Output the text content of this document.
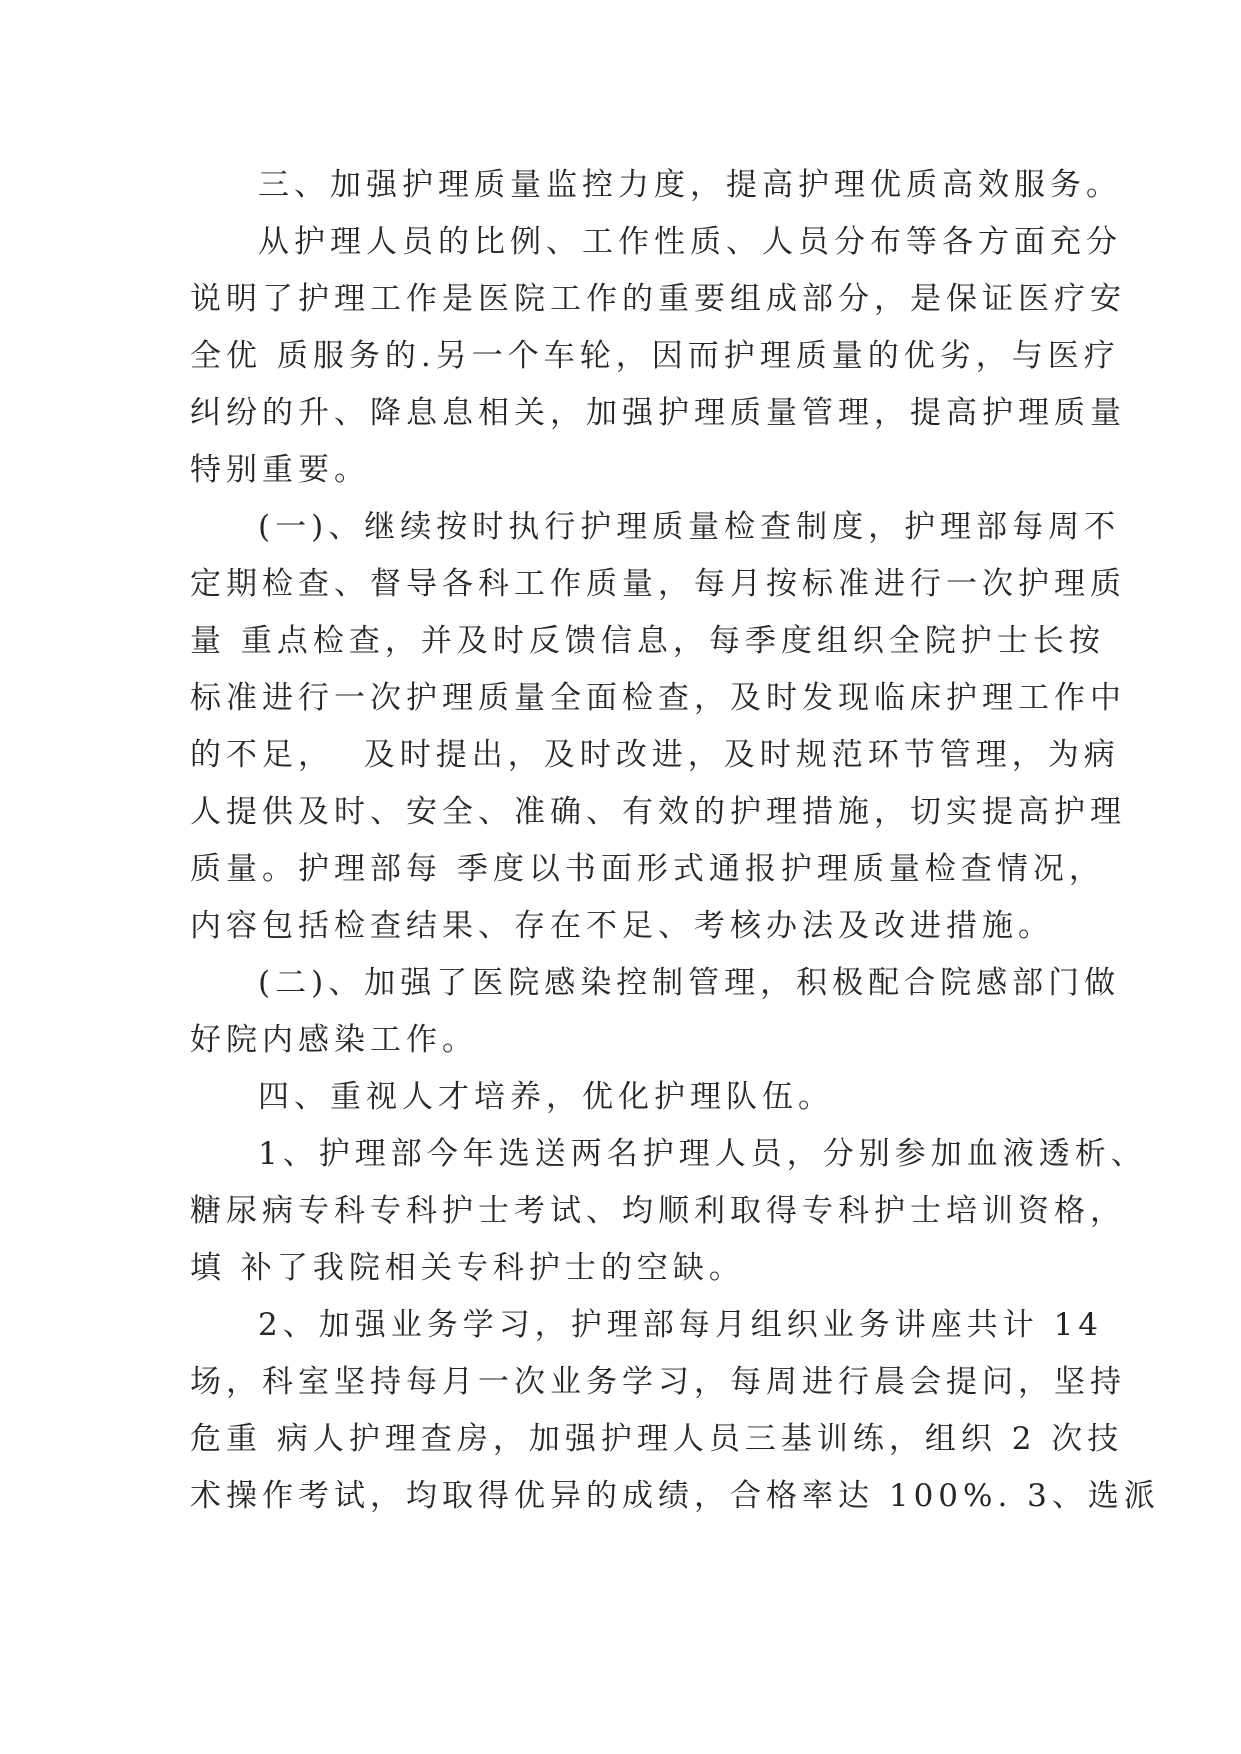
三、加强护理质量监控力度，提高护理优质高效服务。
从护理人员的比例、工作性质、人员分布等各方面充分
说明了护理工作是医院工作的重要组成部分，是保证医疗安
全优 质服务的.另一个车轮，因而护理质量的优劣，与医疗
纠纷的升、降息息相关，加强护理质量管理，提高护理质量
特别重要。
(一)、继续按时执行护理质量检查制度，护理部每周不
定期检查、督导各科工作质量，每月按标准进行一次护理质
量 重点检查，并及时反馈信息，每季度组织全院护士长按
标准进行一次护理质量全面检查，及时发现临床护理工作中
的不足，  及时提出，及时改进，及时规范环节管理，为病
人提供及时、安全、准确、有效的护理措施，切实提高护理
质量。护理部每 季度以书面形式通报护理质量检查情况，
内容包括检查结果、存在不足、考核办法及改进措施。
(二)、加强了医院感染控制管理，积极配合院感部门做
好院内感染工作。
四、重视人才培养，优化护理队伍。
1、护理部今年选送两名护理人员，分别参加血液透析、
糖尿病专科专科护士考试、均顺利取得专科护士培训资格，
填 补了我院相关专科护士的空缺。
2、加强业务学习，护理部每月组织业务讲座共计 14
场，科室坚持每月一次业务学习，每周进行晨会提问，坚持
危重 病人护理查房，加强护理人员三基训练，组织 2 次技
术操作考试，均取得优异的成绩，合格率达 100%. 3、选派
